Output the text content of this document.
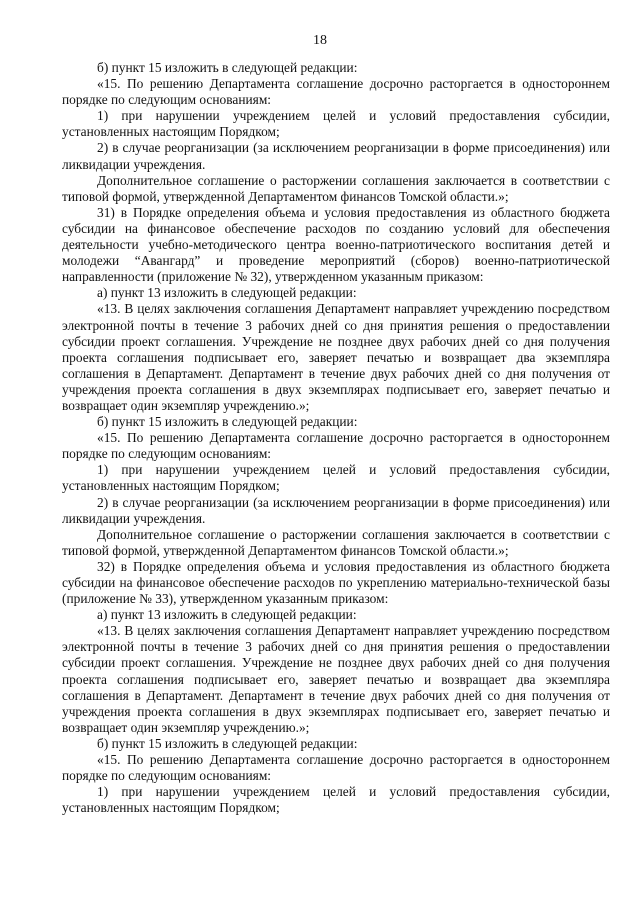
18

б) пункт 15 изложить в следующей редакции:

«15. По решению Департамента соглашение досрочно расторгается в одностороннем порядке по следующим основаниям:

1) при нарушении учреждением целей и условий предоставления субсидии, установленных настоящим Порядком;

2) в случае реорганизации (за исключением реорганизации в форме присоединения) или ликвидации учреждения.

Дополнительное соглашение о расторжении соглашения заключается в соответствии с типовой формой, утвержденной Департаментом финансов Томской области.»;

31) в Порядке определения объема и условия предоставления из областного бюджета субсидии на финансовое обеспечение расходов по созданию условий для обеспечения деятельности учебно-методического центра военно-патриотического воспитания детей и молодежи “Авангард” и проведение мероприятий (сборов) военно-патриотической направленности (приложение № 32), утвержденном указанным приказом:

а) пункт 13 изложить в следующей редакции:

«13. В целях заключения соглашения Департамент направляет учреждению посредством электронной почты в течение 3 рабочих дней со дня принятия решения о предоставлении субсидии проект соглашения. Учреждение не позднее двух рабочих дней со дня получения проекта соглашения подписывает его, заверяет печатью и возвращает два экземпляра соглашения в Департамент. Департамент в течение двух рабочих дней со дня получения от учреждения проекта соглашения в двух экземплярах подписывает его, заверяет печатью и возвращает один экземпляр учреждению.»;

б) пункт 15 изложить в следующей редакции:

«15. По решению Департамента соглашение досрочно расторгается в одностороннем порядке по следующим основаниям:

1) при нарушении учреждением целей и условий предоставления субсидии, установленных настоящим Порядком;

2) в случае реорганизации (за исключением реорганизации в форме присоединения) или ликвидации учреждения.

Дополнительное соглашение о расторжении соглашения заключается в соответствии с типовой формой, утвержденной Департаментом финансов Томской области.»;

32) в Порядке определения объема и условия предоставления из областного бюджета субсидии на финансовое обеспечение расходов по укреплению материально-технической базы (приложение № 33), утвержденном указанным приказом:

а) пункт 13 изложить в следующей редакции:

«13. В целях заключения соглашения Департамент направляет учреждению посредством электронной почты в течение 3 рабочих дней со дня принятия решения о предоставлении субсидии проект соглашения. Учреждение не позднее двух рабочих дней со дня получения проекта соглашения подписывает его, заверяет печатью и возвращает два экземпляра соглашения в Департамент. Департамент в течение двух рабочих дней со дня получения от учреждения проекта соглашения в двух экземплярах подписывает его, заверяет печатью и возвращает один экземпляр учреждению.»;

б) пункт 15 изложить в следующей редакции:

«15. По решению Департамента соглашение досрочно расторгается в одностороннем порядке по следующим основаниям:

1) при нарушении учреждением целей и условий предоставления субсидии, установленных настоящим Порядком;
